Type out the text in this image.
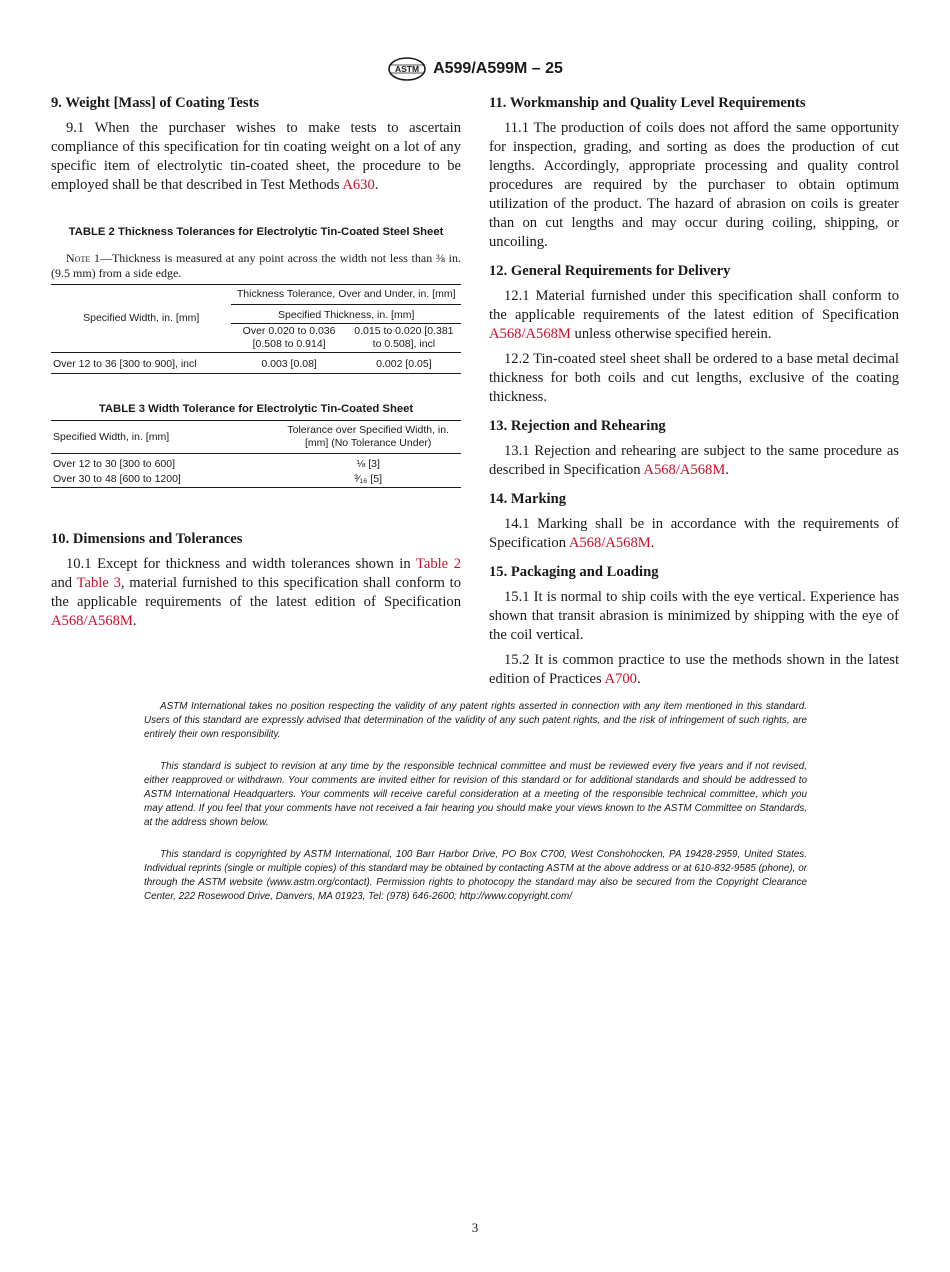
ASTM A599/A599M – 25
9. Weight [Mass] of Coating Tests

9.1 When the purchaser wishes to make tests to ascertain compliance of this specification for tin coating weight on a lot of any specific item of electrolytic tin-coated sheet, the procedure to be employed shall be that described in Test Methods A630.

TABLE 2 Thickness Tolerances for Electrolytic Tin-Coated Steel Sheet
Note 1—Thickness is measured at any point across the width not less than ⅜ in. (9.5 mm) from a side edge.
Specified Width, in. [mm]	Thickness Tolerance, Over and Under, in. [mm]	
	Specified Thickness, in. [mm]	
	Over 0.020 to 0.036 [0.508 to 0.914]	0.015 to 0.020 [0.381 to 0.508], incl
Over 12 to 36 [300 to 900], incl	0.003 [0.08]	0.002 [0.05]
TABLE 3 Width Tolerance for Electrolytic Tin-Coated Sheet
Specified Width, in. [mm]	Tolerance over Specified Width, in. [mm] (No Tolerance Under)
Over 12 to 30 [300 to 600]	⅛ [3]
Over 30 to 48 [600 to 1200]	³⁄₁₆ [5]
10. Dimensions and Tolerances

10.1 Except for thickness and width tolerances shown in Table 2 and Table 3, material furnished to this specification shall conform to the applicable requirements of the latest edition of Specification A568/A568M.

11. Workmanship and Quality Level Requirements

11.1 The production of coils does not afford the same opportunity for inspection, grading, and sorting as does the production of cut lengths. Accordingly, appropriate processing and quality control procedures are required by the purchaser to obtain optimum utilization of the product. The hazard of abrasion on coils is greater than on cut lengths and may occur during coiling, shipping, or uncoiling.

12. General Requirements for Delivery

12.1 Material furnished under this specification shall conform to the applicable requirements of the latest edition of Specification A568/A568M unless otherwise specified herein.

12.2 Tin-coated steel sheet shall be ordered to a base metal decimal thickness for both coils and cut lengths, exclusive of the coating thickness.

13. Rejection and Rehearing

13.1 Rejection and rehearing are subject to the same procedure as described in Specification A568/A568M.

14. Marking

14.1 Marking shall be in accordance with the requirements of Specification A568/A568M.

15. Packaging and Loading

15.1 It is normal to ship coils with the eye vertical. Experience has shown that transit abrasion is minimized by shipping with the eye of the coil vertical.

15.2 It is common practice to use the methods shown in the latest edition of Practices A700.

ASTM International takes no position respecting the validity of any patent rights asserted in connection with any item mentioned in this standard. Users of this standard are expressly advised that determination of the validity of any such patent rights, and the risk of infringement of such rights, are entirely their own responsibility.

This standard is subject to revision at any time by the responsible technical committee and must be reviewed every five years and if not revised, either reapproved or withdrawn. Your comments are invited either for revision of this standard or for additional standards and should be addressed to ASTM International Headquarters. Your comments will receive careful consideration at a meeting of the responsible technical committee, which you may attend. If you feel that your comments have not received a fair hearing you should make your views known to the ASTM Committee on Standards, at the address shown below.

This standard is copyrighted by ASTM International, 100 Barr Harbor Drive, PO Box C700, West Conshohocken, PA 19428-2959, United States. Individual reprints (single or multiple copies) of this standard may be obtained by contacting ASTM at the above address or at 610-832-9585 (phone), or through the ASTM website (www.astm.org/contact). Permission rights to photocopy the standard may also be secured from the Copyright Clearance Center, 222 Rosewood Drive, Danvers, MA 01923, Tel: (978) 646-2600; http://www.copyright.com/

3
